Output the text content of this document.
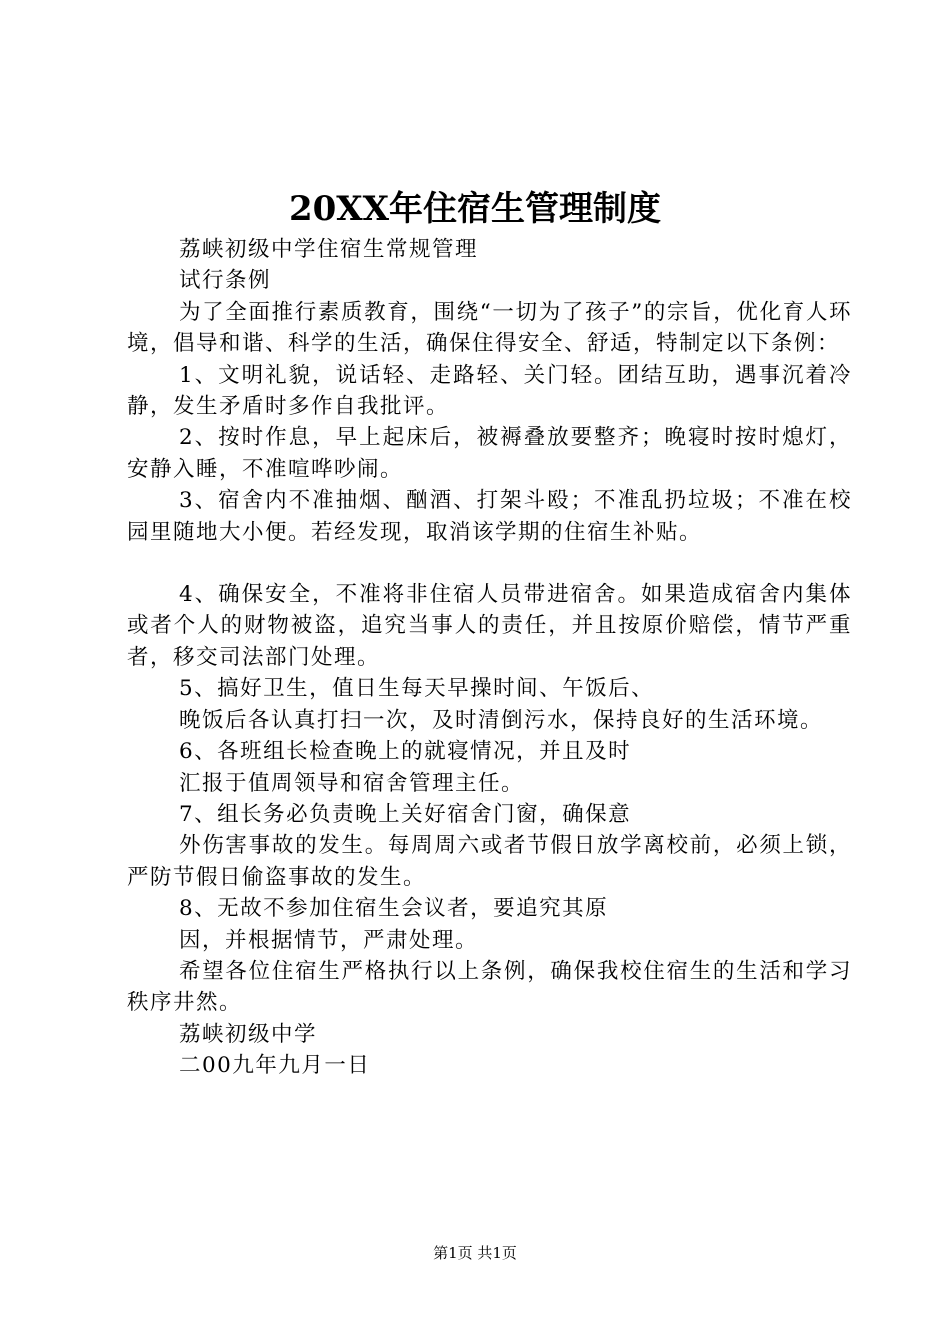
20XX年住宿生管理制度

荔峡初级中学住宿生常规管理

试行条例

为了全面推行素质教育，围绕“一切为了孩子”的宗旨，优化育人环境，倡导和谐、科学的生活，确保住得安全、舒适，特制定以下条例：

1、文明礼貌，说话轻、走路轻、关门轻。团结互助，遇事沉着冷静，发生矛盾时多作自我批评。

2、按时作息，早上起床后，被褥叠放要整齐；晚寝时按时熄灯，安静入睡，不准喧哗吵闹。

3、宿舍内不准抽烟、酗酒、打架斗殴；不准乱扔垃圾；不准在校园里随地大小便。若经发现，取消该学期的住宿生补贴。

4、确保安全，不准将非住宿人员带进宿舍。如果造成宿舍内集体或者个人的财物被盗，追究当事人的责任，并且按原价赔偿，情节严重者，移交司法部门处理。

5、搞好卫生，值日生每天早操时间、午饭后、

晚饭后各认真打扫一次，及时清倒污水，保持良好的生活环境。

6、各班组长检查晚上的就寝情况，并且及时

汇报于值周领导和宿舍管理主任。

7、组长务必负责晚上关好宿舍门窗，确保意

外伤害事故的发生。每周周六或者节假日放学离校前，必须上锁，严防节假日偷盗事故的发生。

8、无故不参加住宿生会议者，要追究其原

因，并根据情节，严肃处理。

希望各位住宿生严格执行以上条例，确保我校住宿生的生活和学习秩序井然。

荔峡初级中学

二00九年九月一日

第1页 共1页
